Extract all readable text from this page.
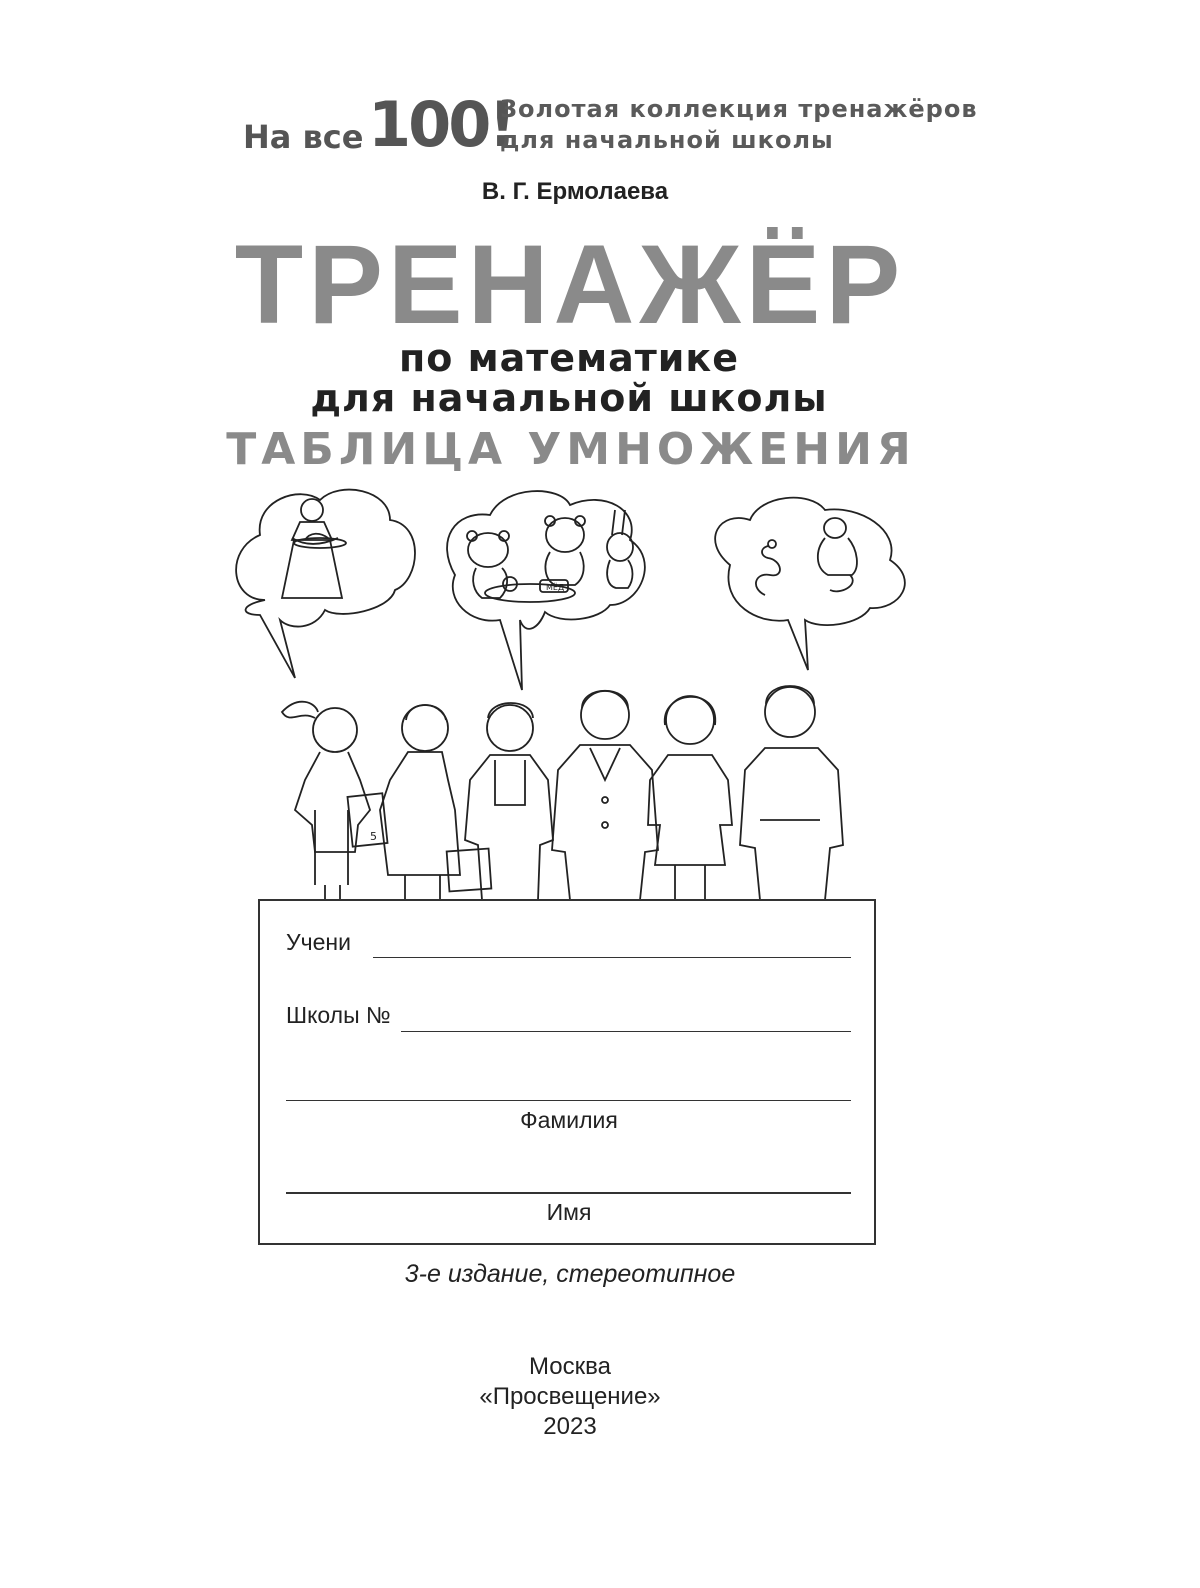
На все 100!
Золотая коллекция тренажёров
для начальной школы
В. Г. Ермолаева
ТРЕНАЖЁР
по математике
для начальной школы
ТАБЛИЦА УМНОЖЕНИЯ
МЁД
5
Учени
Школы №
Фамилия
Имя
3-е издание, стереотипное
Москва
«Просвещение»
2023
